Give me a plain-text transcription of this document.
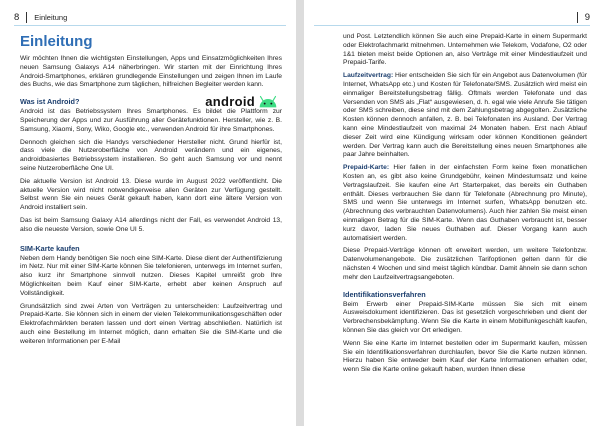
8 Einleitung
Einleitung

Wir möchten Ihnen die wichtigsten Einstellungen, Apps und Einsatzmöglichkeiten Ihres neuen Samsung Galaxys A14 näherbringen. Wir starten mit der Einrichtung Ihres Android-Smartphones, erklären grundlegende Einstellungen und zeigen Ihnen im Laufe des Buchs, wie das Smartphone zum täglichen, hilfreichen Begleiter werden kann.

Was ist Android?	android

Android ist das Betriebssystem Ihres Smartphones. Es bildet die Plattform zur Speicherung der Apps und zur Ausführung aller Gerätefunktionen. Hersteller, wie z. B. Samsung, Xiaomi, Sony, Wiko, Google etc., verwenden Android für ihre Smartphones.

Dennoch gleichen sich die Handys verschiedener Hersteller nicht. Grund hierfür ist, dass viele die Nutzeroberfläche von Android verändern und ein eigenes, androidbasiertes Betriebssystem installieren. So geht auch Samsung vor und nennt seine Nutzeroberfläche One UI.

Die aktuelle Version ist Android 13. Diese wurde im August 2022 veröffentlicht. Die aktuelle Version wird nicht notwendigerweise allen Geräten zur Verfügung gestellt. Selbst wenn Sie ein neues Gerät gekauft haben, kann dort eine ältere Version von Android installiert sein.

Das ist beim Samsung Galaxy A14 allerdings nicht der Fall, es verwendet Android 13, also die neueste Version, sowie One UI 5.

SIM-Karte kaufen

Neben dem Handy benötigen Sie noch eine SIM-Karte. Diese dient der Authentifizierung im Netz. Nur mit einer SIM-Karte können Sie telefonieren, unterwegs im Internet surfen, also kurz ihr Smartphone sinnvoll nutzen. Dieses Kapitel umreißt grob Ihre Möglichkeiten beim Kauf einer SIM-Karte, erhebt aber keinen Anspruch auf Vollständigkeit.

Grundsätzlich sind zwei Arten von Verträgen zu unterscheiden: Laufzeitvertrag und Prepaid-Karte. Sie können sich in einem der vielen Telekommunikationsgeschäften oder Elektrofachmärkten beraten lassen und dort einen Vertrag abschließen. Natürlich ist auch eine Bestellung im Internet möglich, dann erhalten Sie die SIM-Karte und die weiteren Informationen per E-Mail

9

und Post. Letztendlich können Sie auch eine Prepaid-Karte in einem Supermarkt oder Elektrofachmarkt mitnehmen. Unternehmen wie Telekom, Vodafone, O2 oder 1&1 bieten meist beide Optionen an, also Verträge mit einer Mindestlaufzeit und Prepaid-Tarife.

Laufzeitvertrag: Hier entscheiden Sie sich für ein Angebot aus Datenvolumen (für Internet, WhatsApp etc.) und Kosten für Telefonate/SMS. Zusätzlich wird meist ein einmaliger Bereitstellungsbetrag fällig. Oftmals werden Telefonate und das Versenden von SMS als „Flat“ ausgewiesen, d. h. egal wie viele Anrufe Sie tätigen oder SMS schreiben, diese sind mit dem Zahlungsbetrag abgegolten. Zusätzliche Kosten können dennoch anfallen, z. B. bei Telefonaten ins Ausland. Der Vertrag kann eine Mindestlaufzeit von maximal 24 Monaten haben. Erst nach Ablauf dieser Zeit wird eine Kündigung wirksam oder können Konditionen geändert werden. Der Vertrag kann auch die Bereitstellung eines neuen Smartphones alle paar Jahre beinhalten.

Prepaid-Karte: Hier fallen in der einfachsten Form keine fixen monatlichen Kosten an, es gibt also keine Grundgebühr, keinen Mindestumsatz und keine Vertragslaufzeit. Sie kaufen eine Art Starterpaket, das bereits ein Guthaben enthält. Dieses verbrauchen Sie dann für Telefonate (Abrechnung pro Minute), SMS und wenn Sie unterwegs im Internet surfen, WhatsApp benutzen etc. (Abrechnung des verbrauchten Datenvolumens). Auch hier zahlen Sie meist einen einmaligen Betrag für die SIM-Karte. Wenn das Guthaben verbraucht ist, besser kurz davor, laden Sie neues Guthaben auf. Dieser Vorgang kann auch automatisiert werden.

Diese Prepaid-Verträge können oft erweitert werden, um weitere Telefonbzw. Datenvolumenangebote. Die zusätzlichen Tarifoptionen gelten dann für die nächsten 4 Wochen und sind meist täglich kündbar. Damit ähneln sie dann schon mehr den Laufzeitvertragsangeboten.

Identifikationsverfahren

Beim Erwerb einer Prepaid-SIM-Karte müssen Sie sich mit einem Ausweisdokument identifizieren. Das ist gesetzlich vorgeschrieben und dient der Verbrechensbekämpfung. Wenn Sie die Karte in einem Mobilfunkgeschäft kaufen, können Sie das gleich vor Ort erledigen.

Wenn Sie eine Karte im Internet bestellen oder im Supermarkt kaufen, müssen Sie ein Identifikationsverfahren durchlaufen, bevor Sie die Karte nutzen können. Hierzu haben Sie entweder beim Kauf der Karte Informationen erhalten oder, wenn Sie die Karte online gekauft haben, wurden Ihnen diese
